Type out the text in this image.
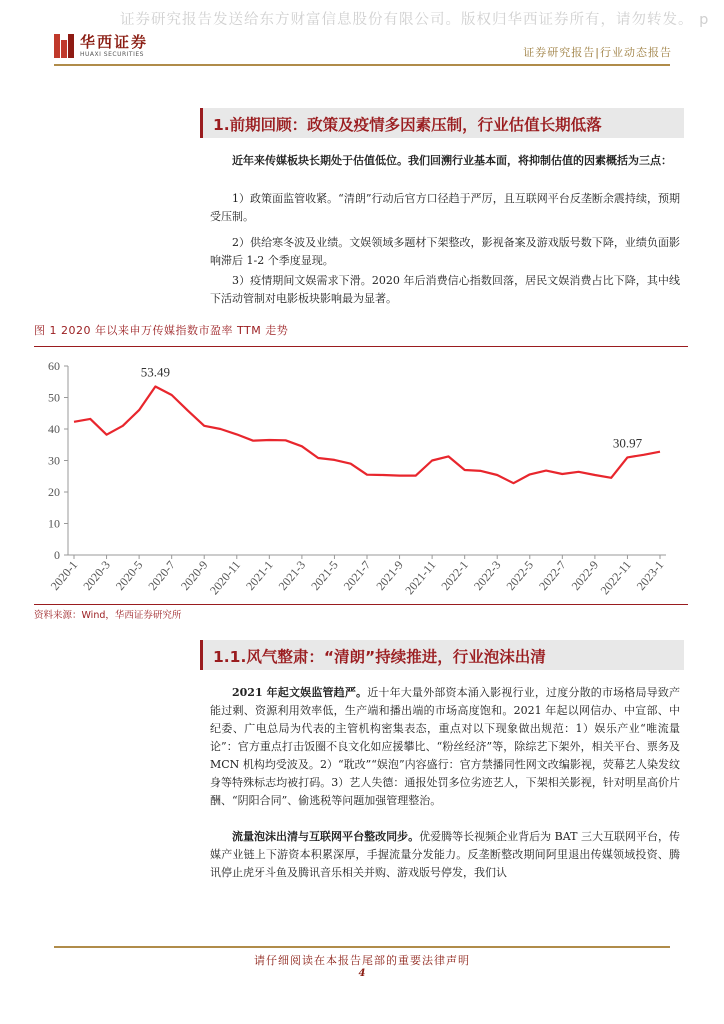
证券研究报告发送给东方财富信息股份有限公司。版权归华西证券所有，请勿转发。 p
华西证券
HUAXI SECURITIES	证券研究报告|行业动态报告
1.前期回顾：政策及疫情多因素压制，行业估值长期低落
近年来传媒板块长期处于估值低位。我们回溯行业基本面，将抑制估值的因素概括为三点：
1）政策面监管收紧。“清朗”行动后官方口径趋于严厉，且互联网平台反垄断余震持续，预期受压制。
2）供给寒冬波及业绩。文娱领域多题材下架整改，影视备案及游戏版号数下降，业绩负面影响滞后 1-2 个季度显现。
3）疫情期间文娱需求下滑。2020 年后消费信心指数回落，居民文娱消费占比下降，其中线下活动管制对电影板块影响最为显著。
图 1 2020 年以来申万传媒指数市盈率 TTM 走势
0
10
20
30
40
50
60
2020-1 2020-3 2020-5 2020-7 2020-9
2020-11 2021-1 2021-3 2021-5 2021-7 2021-9
2021-11 2022-1 2022-3 2022-5 2022-7 2022-9
2022-11 2023-1
53.49
30.97
资料来源：Wind，华西证券研究所
1.1.风气整肃：“清朗”持续推进，行业泡沫出清
2021 年起文娱监管趋严。近十年大量外部资本涌入影视行业，过度分散的市场格局导致产能过剩、资源利用效率低，生产端和播出端的市场高度饱和。2021 年起以网信办、中宣部、中纪委、广电总局为代表的主管机构密集表态，重点对以下现象做出规范：1）娱乐产业“唯流量论”：官方重点打击饭圈不良文化如应援攀比、“粉丝经济”等，除综艺下架外，相关平台、票务及 MCN 机构均受波及。2）“耽改”“娱泡”内容盛行：官方禁播同性网文改编影视，荧幕艺人染发纹身等特殊标志均被打码。3）艺人失德：通报处罚多位劣迹艺人，下架相关影视，针对明星高价片酬、“阴阳合同”、偷逃税等问题加强管理整治。
流量泡沫出清与互联网平台整改同步。优爱腾等长视频企业背后为 BAT 三大互联网平台，传媒产业链上下游资本积累深厚，手握流量分发能力。反垄断整改期间阿里退出传媒领域投资、腾讯停止虎牙斗鱼及腾讯音乐相关并购、游戏版号停发，我们认
请仔细阅读在本报告尾部的重要法律声明
4
